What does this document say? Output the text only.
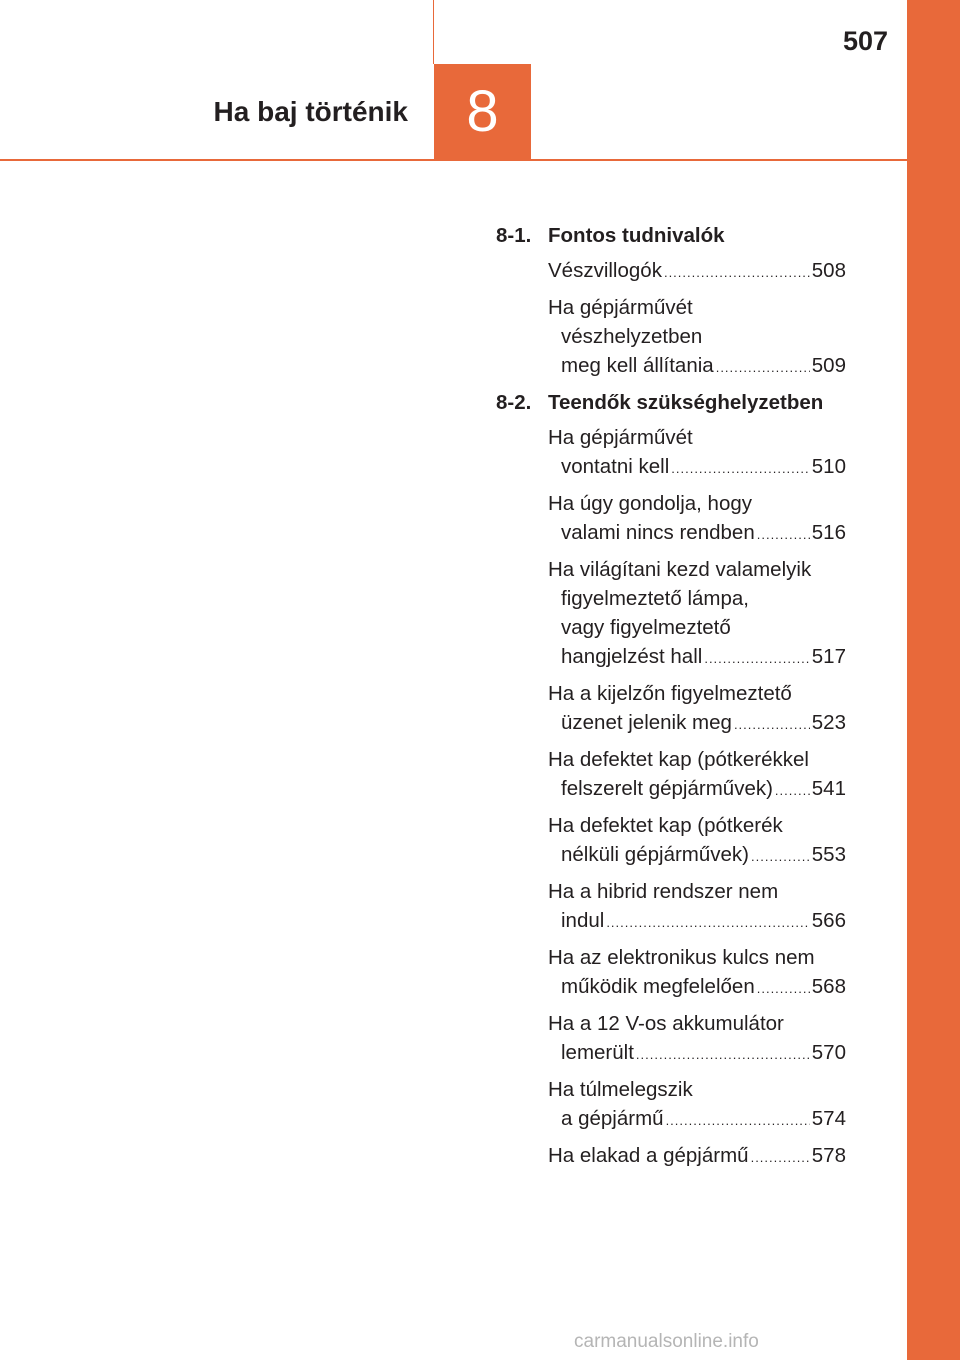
8
Ha baj történik
507
8-1. Fontos tudnivalók
Vészvillogók .....	508
Ha gépjárművét
vészhelyzetben
meg kell állítania .....	509
8-2. Teendők szükséghelyzetben
Ha gépjárművét
vontatni kell .....	510
Ha úgy gondolja, hogy
valami nincs rendben .....	516
Ha világítani kezd valamelyik
figyelmeztető lámpa,
vagy figyelmeztető
hangjelzést hall .....	517
Ha a kijelzőn figyelmeztető
üzenet jelenik meg .....	523
Ha defektet kap (pótkerékkel
felszerelt gépjárművek) ..... 541
Ha defektet kap (pótkerék
nélküli gépjárművek) .....	553
Ha a hibrid rendszer nem
indul .....	566
Ha az elektronikus kulcs nem
működik megfelelően .....	568
Ha a 12 V-os akkumulátor
lemerült .....	570
Ha túlmelegszik
a gépjármű .....	574
Ha elakad a gépjármű .....	578
carmanualsonline.info
